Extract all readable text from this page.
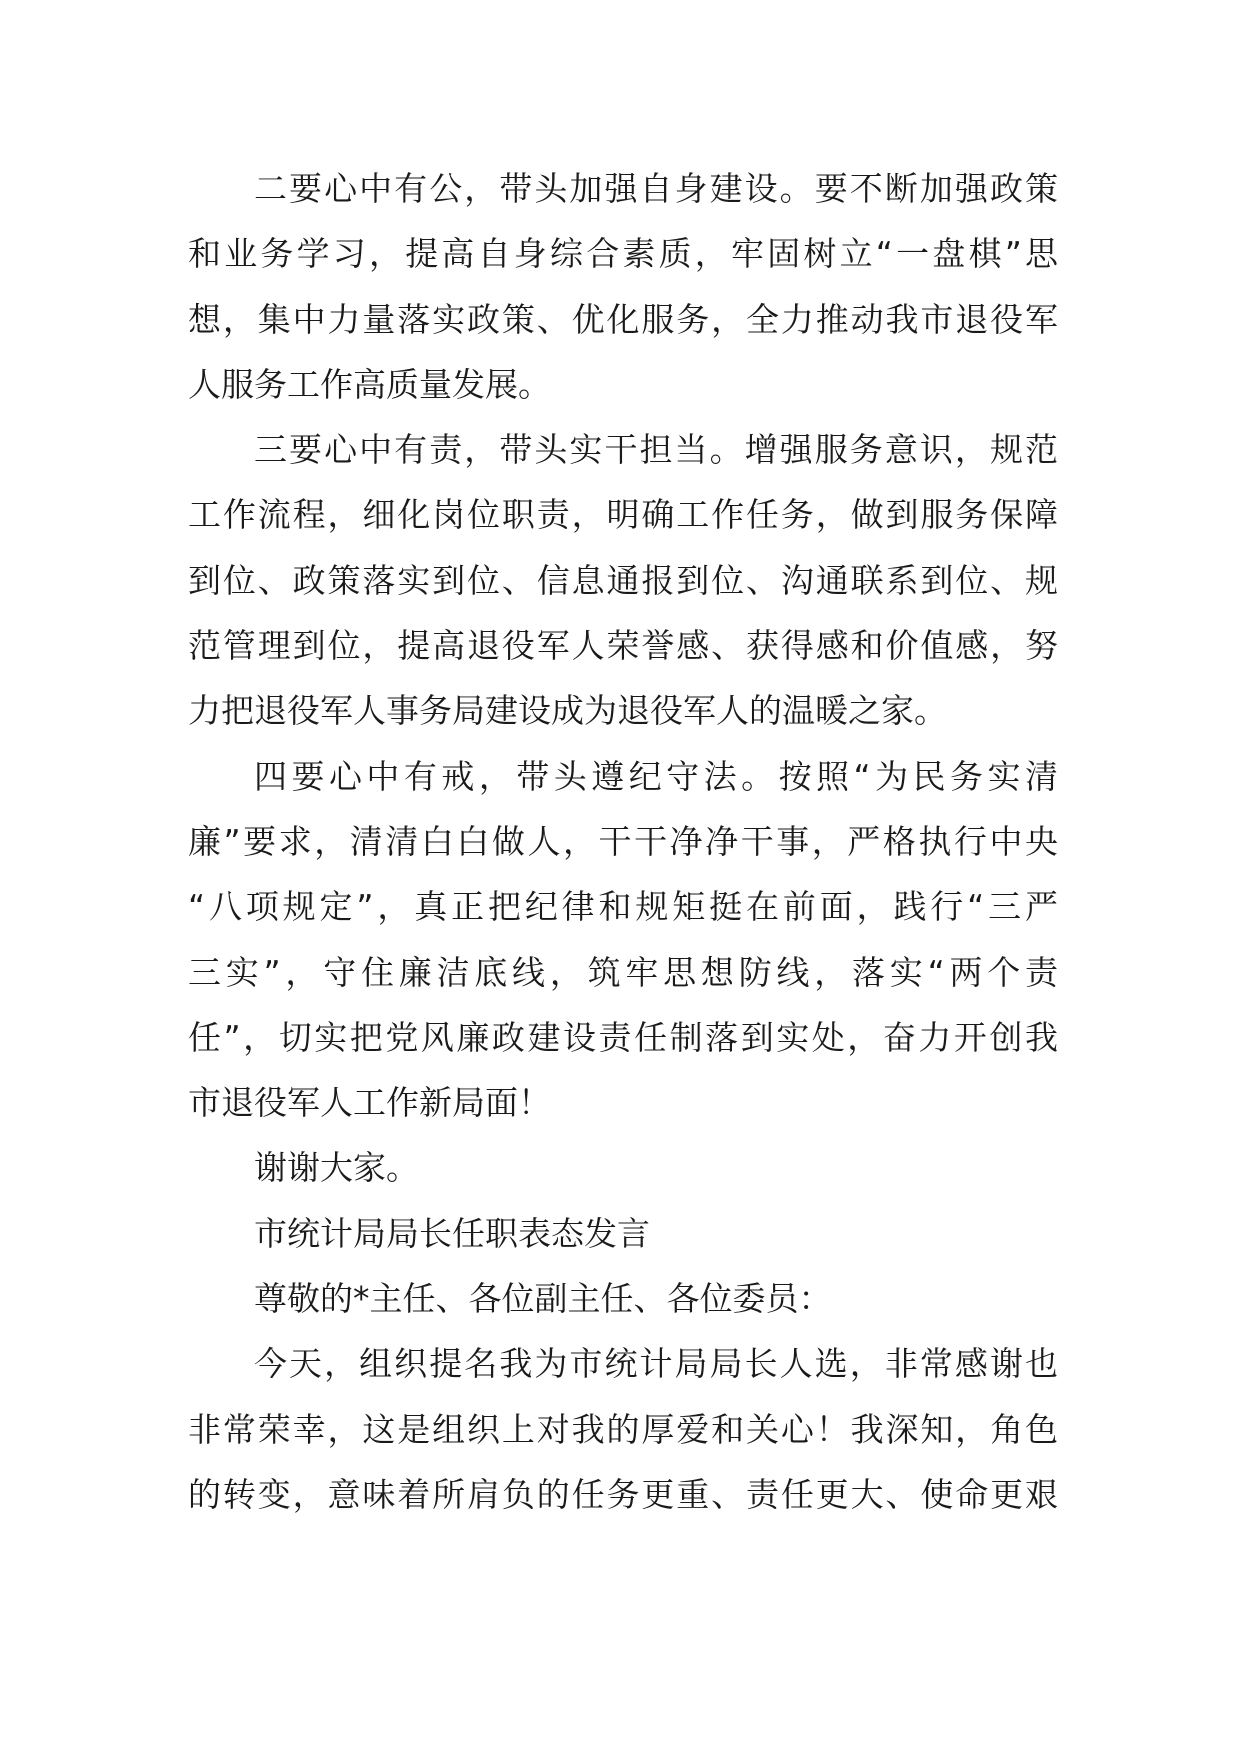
二要心中有公，带头加强自身建设。要不断加强政策
和业务学习，提高自身综合素质，牢固树立“一盘棋”思
想，集中力量落实政策、优化服务，全力推动我市退役军
人服务工作高质量发展。
三要心中有责，带头实干担当。增强服务意识，规范
工作流程，细化岗位职责，明确工作任务，做到服务保障
到位、政策落实到位、信息通报到位、沟通联系到位、规
范管理到位，提高退役军人荣誉感、获得感和价值感，努
力把退役军人事务局建设成为退役军人的温暖之家。
四要心中有戒，带头遵纪守法。按照“为民务实清
廉”要求，清清白白做人，干干净净干事，严格执行中央
“八项规定”，真正把纪律和规矩挺在前面，践行“三严
三实”，守住廉洁底线，筑牢思想防线，落实“两个责
任”，切实把党风廉政建设责任制落到实处，奋力开创我
市退役军人工作新局面！
谢谢大家。
市统计局局长任职表态发言
尊敬的*主任、各位副主任、各位委员：
今天，组织提名我为市统计局局长人选，非常感谢也
非常荣幸，这是组织上对我的厚爱和关心！我深知，角色
的转变，意味着所肩负的任务更重、责任更大、使命更艰
